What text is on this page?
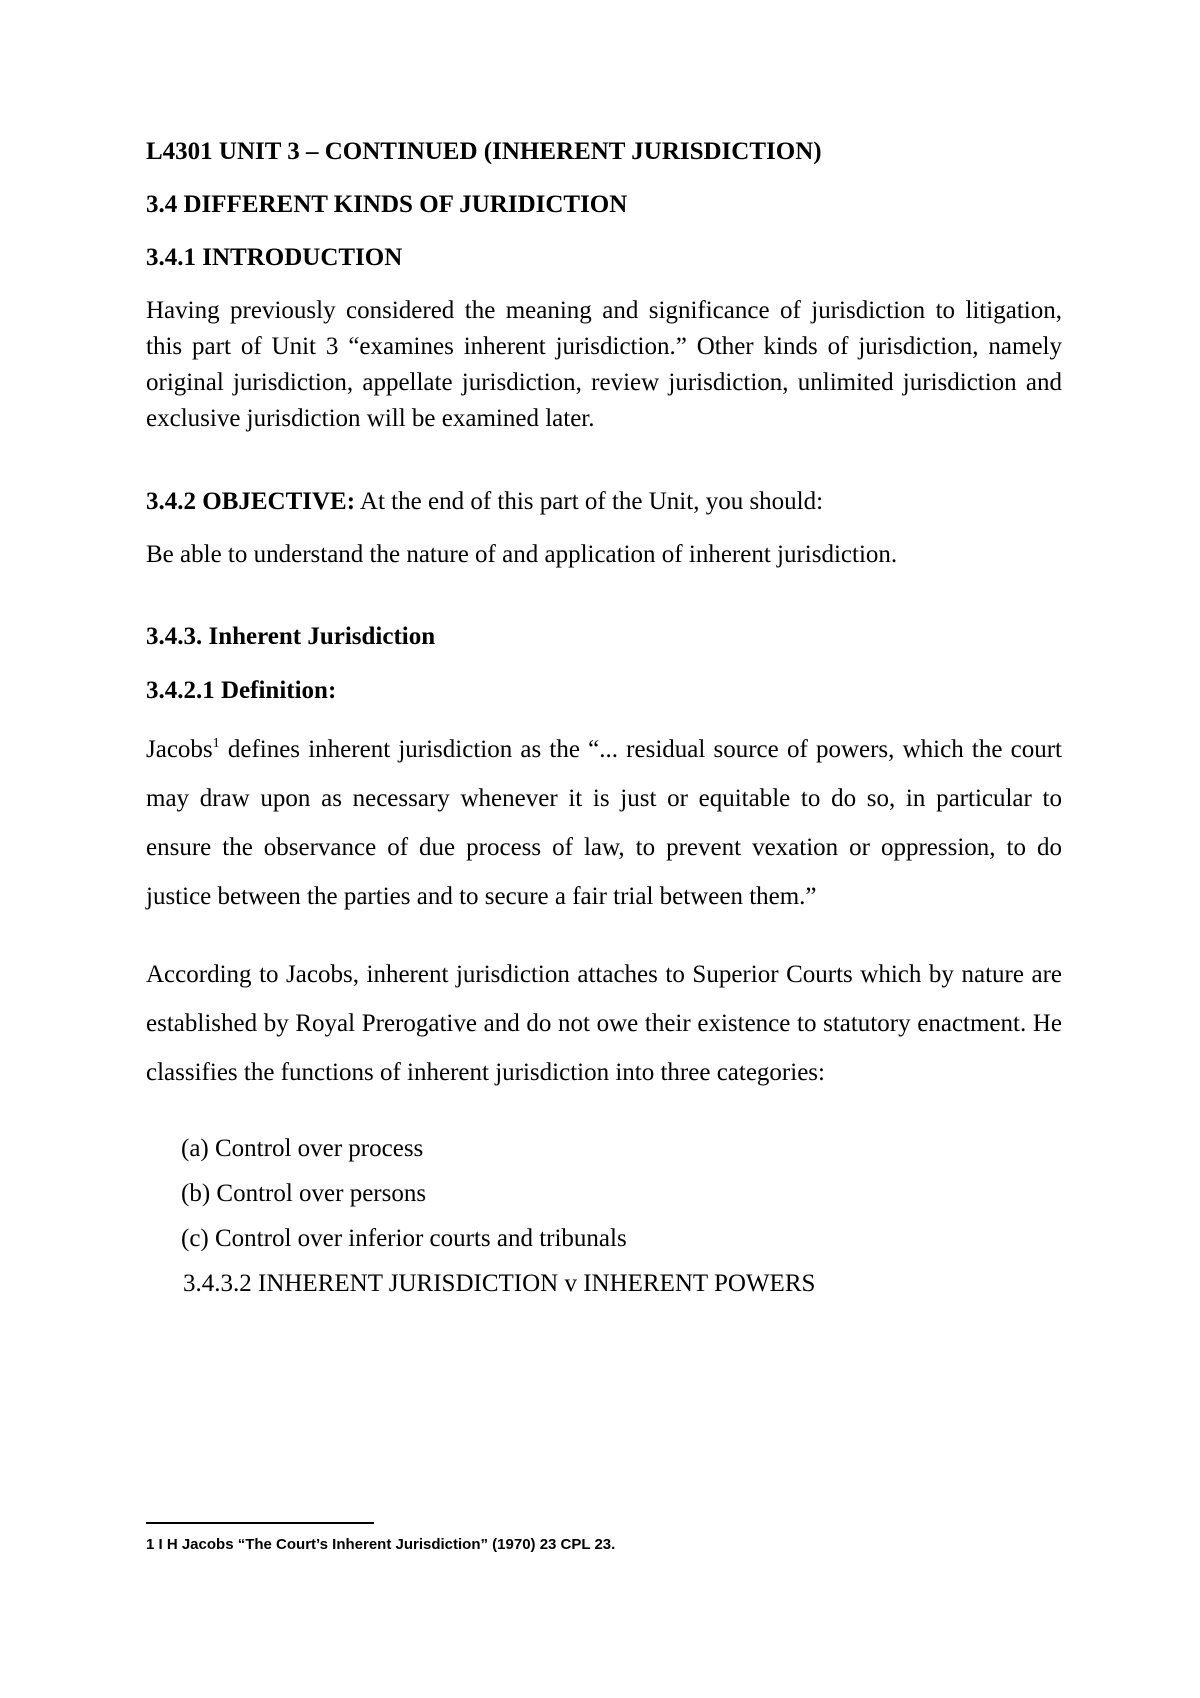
L4301 UNIT 3 – CONTINUED (INHERENT JURISDICTION)

3.4 DIFFERENT KINDS OF JURIDICTION

3.4.1 INTRODUCTION

Having previously considered the meaning and significance of jurisdiction to litigation, this part of Unit 3 “examines inherent jurisdiction.” Other kinds of jurisdiction, namely original jurisdiction, appellate jurisdiction, review jurisdiction, unlimited jurisdiction and exclusive jurisdiction will be examined later.

3.4.2 OBJECTIVE: At the end of this part of the Unit, you should:

Be able to understand the nature of and application of inherent jurisdiction.

3.4.3. Inherent Jurisdiction

3.4.2.1 Definition:

Jacobs$^1$ defines inherent jurisdiction as the “... residual source of powers, which the court may draw upon as necessary whenever it is just or equitable to do so, in particular to ensure the observance of due process of law, to prevent vexation or oppression, to do justice between the parties and to secure a fair trial between them.”

According to Jacobs, inherent jurisdiction attaches to Superior Courts which by nature are established by Royal Prerogative and do not owe their existence to statutory enactment. He classifies the functions of inherent jurisdiction into three categories:

(a) Control over process

(b) Control over persons

(c) Control over inferior courts and tribunals

3.4.3.2 INHERENT JURISDICTION v INHERENT POWERS

1 I H Jacobs “The Court’s Inherent Jurisdiction” (1970) 23 CPL 23.
